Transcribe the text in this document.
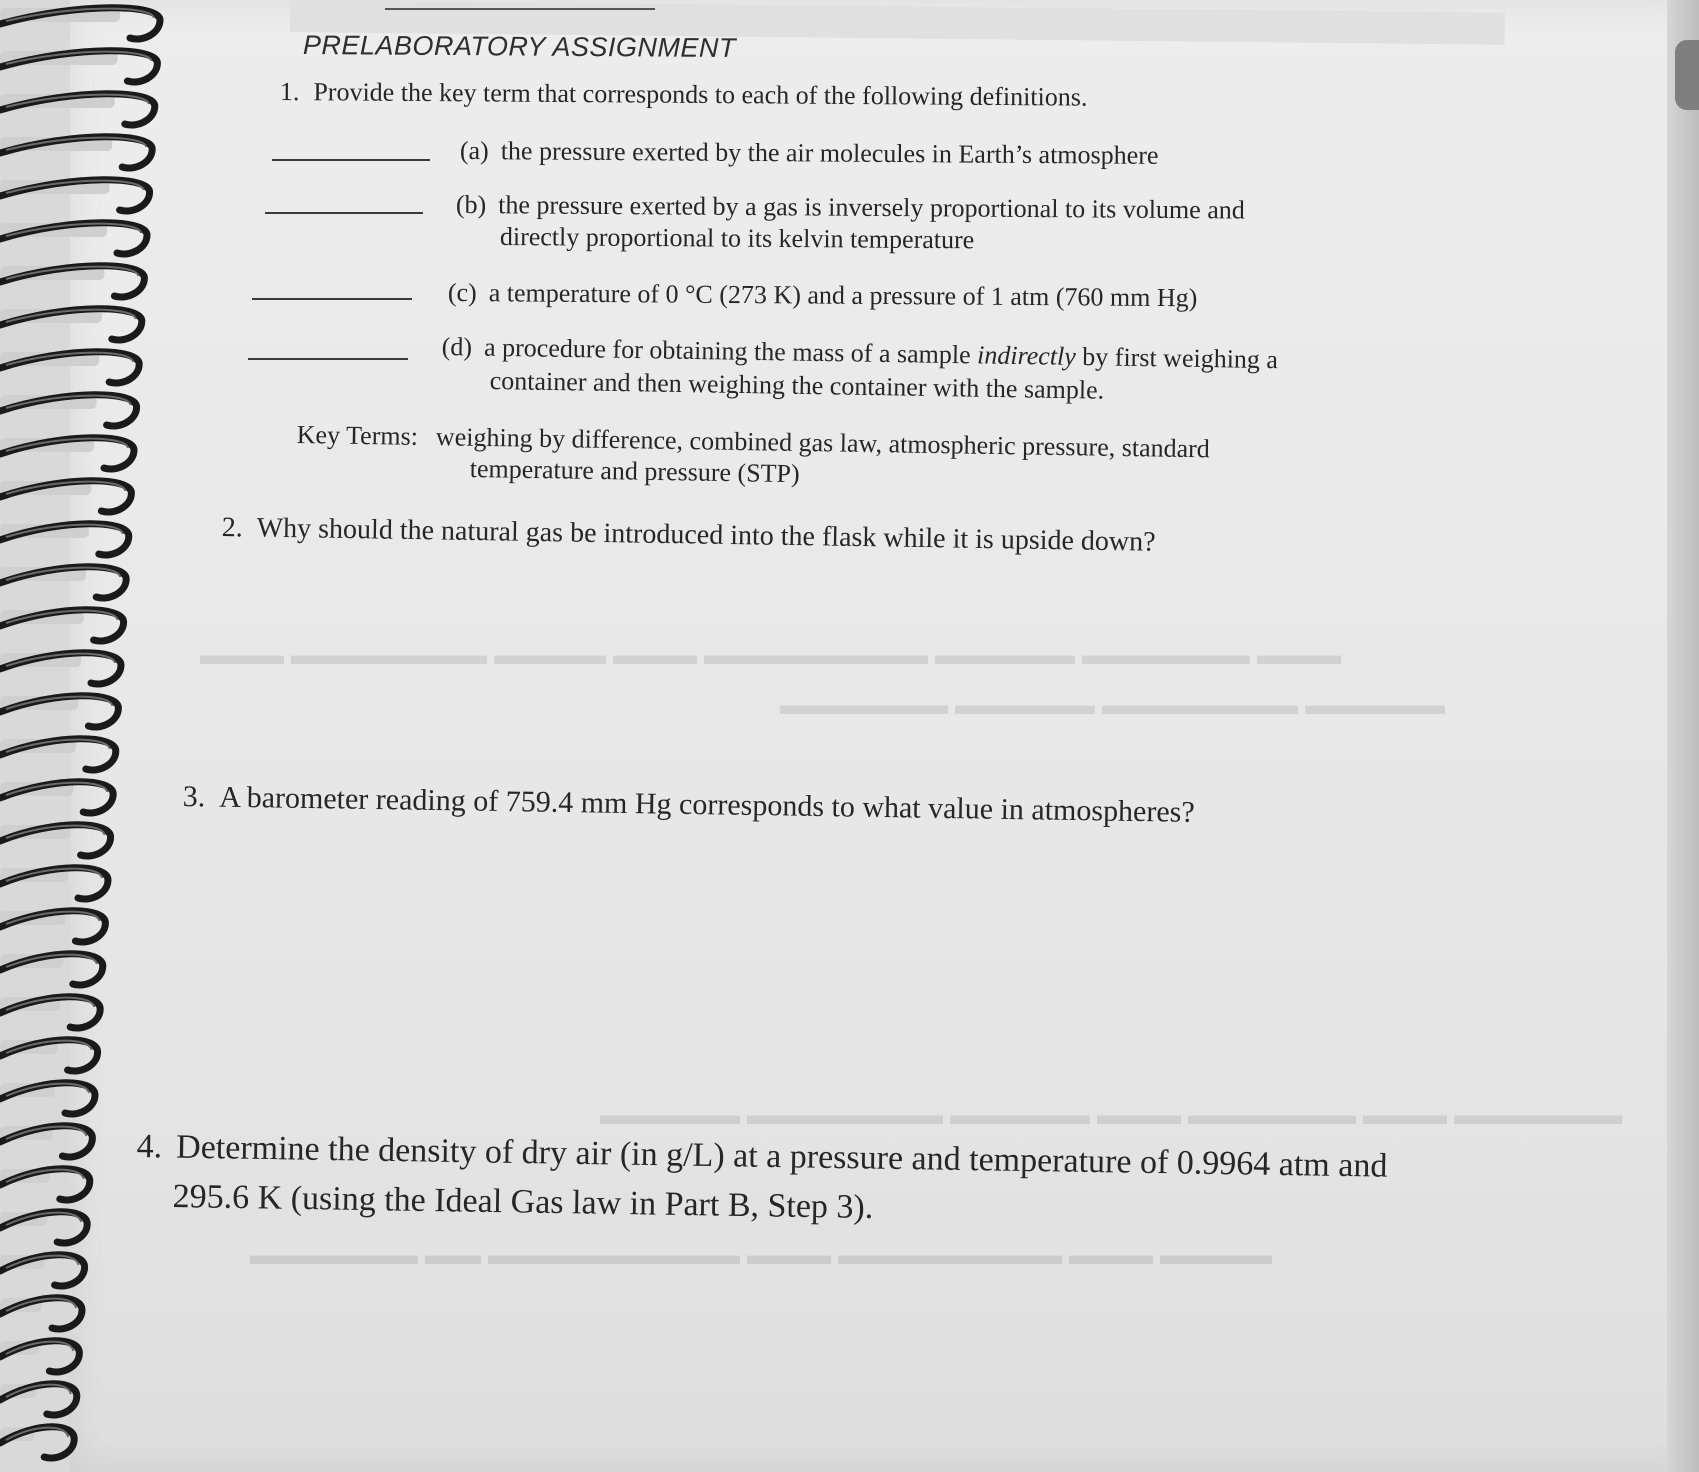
▬▬▬ ▬▬▬▬▬▬ ▬▬▬▬▬ ▬▬▬▬▬▬▬▬ ▬▬▬ ▬▬▬▬ ▬▬▬▬▬▬▬ ▬▬▬
▬▬▬▬▬ ▬▬▬▬▬▬▬ ▬▬▬▬▬ ▬▬▬▬▬▬
▬▬▬▬▬▬ ▬▬▬ ▬▬▬▬▬▬ ▬▬▬ ▬▬▬▬▬ ▬▬▬▬▬▬▬ ▬▬▬▬▬
▬▬▬▬ ▬▬▬ ▬▬▬▬▬▬▬▬ ▬▬▬ ▬▬▬▬▬▬▬▬▬ ▬▬ ▬▬▬▬▬▬
PRELABORATORY ASSIGNMENT
1. Provide the key term that corresponds to each of the following definitions.
(a) the pressure exerted by the air molecules in Earth’s atmosphere
(b) the pressure exerted by a gas is inversely proportional to its volume and
directly proportional to its kelvin temperature
(c) a temperature of 0 °C (273 K) and a pressure of 1 atm (760 mm Hg)
(d) a procedure for obtaining the mass of a sample indirectly by first weighing a
container and then weighing the container with the sample.
Key Terms: weighing by difference, combined gas law, atmospheric pressure, standard
temperature and pressure (STP)
2. Why should the natural gas be introduced into the flask while it is upside down?
3. A barometer reading of 759.4 mm Hg corresponds to what value in atmospheres?
4. Determine the density of dry air (in g/L) at a pressure and temperature of 0.9964 atm and
295.6 K (using the Ideal Gas law in Part B, Step 3).
